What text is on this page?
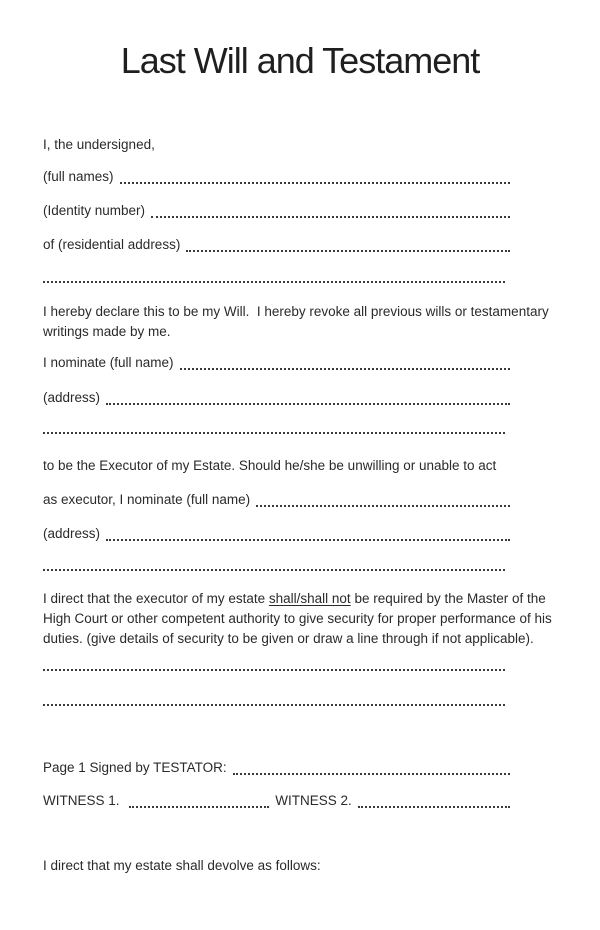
Last Will and Testament
I, the undersigned,
(full names)
(Identity number)
of (residential address)
I hereby declare this to be my Will.  I hereby revoke all previous wills or testamentary
writings made by me.
I nominate (full name)
(address)
to be the Executor of my Estate. Should he/she be unwilling or unable to act
as executor, I nominate (full name)
(address)
I direct that the executor of my estate shall/shall not be required by the Master of the
High Court or other competent authority to give security for proper performance of his
duties. (give details of security to be given or draw a line through if not applicable).
Page 1 Signed by TESTATOR:
WITNESS 1.	WITNESS 2.
I direct that my estate shall devolve as follows:
